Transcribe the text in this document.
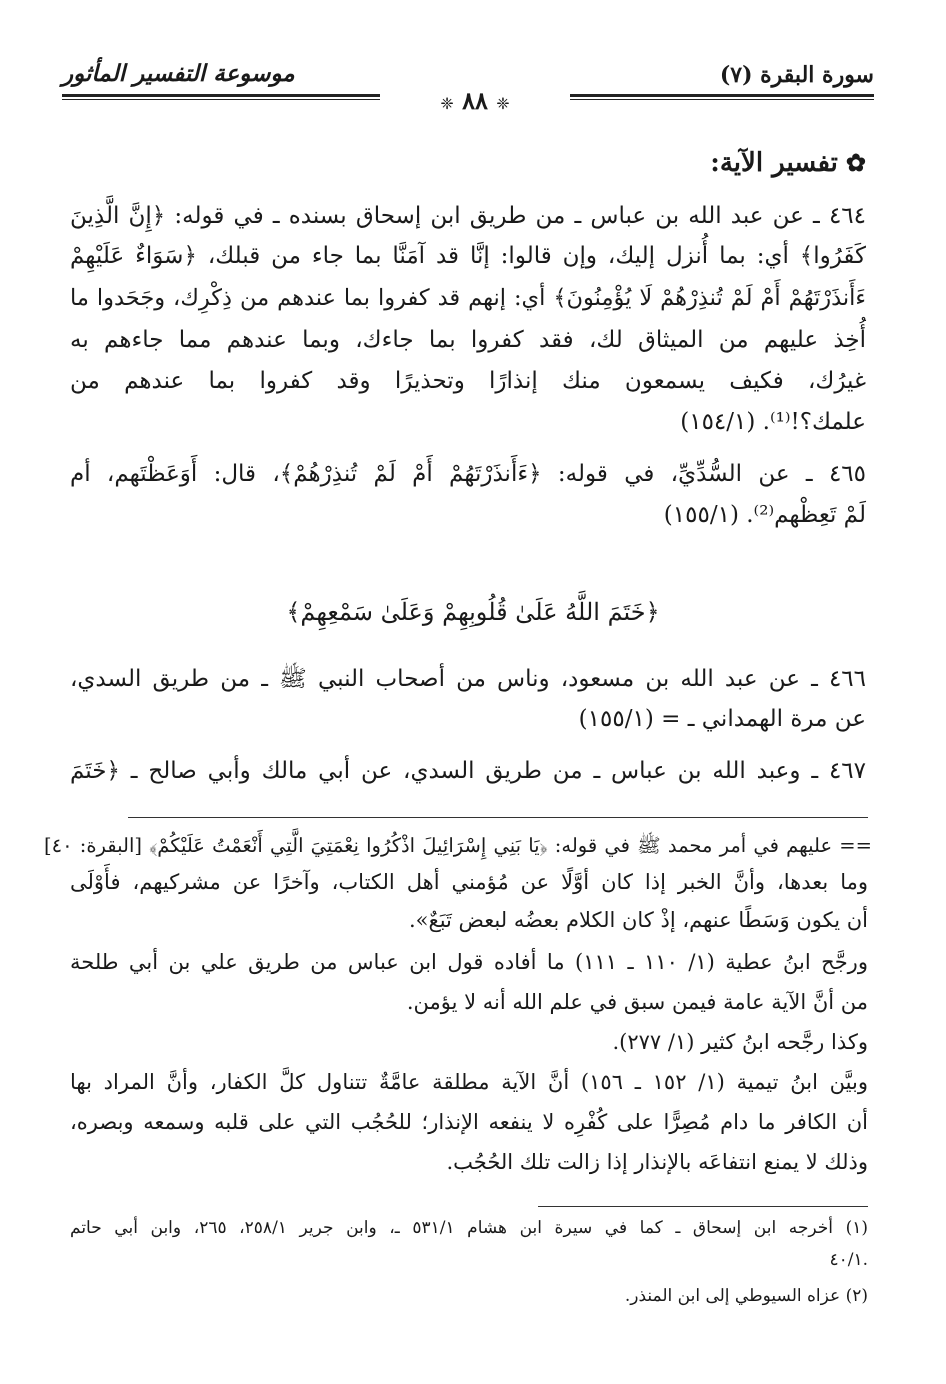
سورة البقرة (٧)
موسوعة التفسير المأثور
❈ ٨٨ ❈
✿تفسير الآية:
٤٦٤ ـ عن عبد الله بن عباس ـ من طريق ابن إسحاق بسنده ـ في قوله: ﴿إِنَّ الَّذِينَ
كَفَرُوا﴾ أي: بما أُنزل إليك، وإن قالوا: إنَّا قد آمَنَّا بما جاء من قبلك، ﴿سَوَاءٌ عَلَيْهِمْ
ءَأَنذَرْتَهُمْ أَمْ لَمْ تُنذِرْهُمْ لَا يُؤْمِنُونَ﴾ أي: إنهم قد كفروا بما عندهم من ذِكْرِك، وجَحَدوا ما
أُخِذ عليهم من الميثاق لك، فقد كفروا بما جاءك، وبما عندهم مما جاءهم به
غيرُك، فكيف يسمعون منك إنذارًا وتحذيرًا وقد كفروا بما عندهم من
علمك؟!⁽¹⁾. (١٥٤/١)
٤٦٥ ـ عن السُّدِّيِّ، في قوله: ﴿ءَأَنذَرْتَهُمْ أَمْ لَمْ تُنذِرْهُمْ﴾، قال: أَوَعَظْتَهم، أم
لَمْ تَعِظْهم⁽²⁾. (١٥٥/١)
﴿خَتَمَ اللَّهُ عَلَىٰ قُلُوبِهِمْ وَعَلَىٰ سَمْعِهِمْ﴾
٤٦٦ ـ عن عبد الله بن مسعود، وناس من أصحاب النبي ﷺ ـ من طريق السدي،
عن مرة الهمداني ـ = (١٥٥/١)
٤٦٧ ـ وعبد الله بن عباس ـ من طريق السدي، عن أبي مالك وأبي صالح ـ ﴿خَتَمَ
== عليهم في أمر محمد ﷺ في قوله: ﴿يَا بَنِي إِسْرَائِيلَ اذْكُرُوا نِعْمَتِيَ الَّتِي أَنْعَمْتُ عَلَيْكُمْ﴾ [البقرة: ٤٠]
وما بعدها، وأنَّ الخبر إذا كان أوَّلًا عن مُؤمني أهل الكتاب، وآخرًا عن مشركيهم، فأَوْلَى
أن يكون وَسَطًا عنهم، إذْ كان الكلام بعضُه لبعض تَبَعٌ».
ورجَّح ابنُ عطية (١/ ١١٠ ـ ١١١) ما أفاده قول ابن عباس من طريق علي بن أبي طلحة
من أنَّ الآية عامة فيمن سبق في علم الله أنه لا يؤمن.
وكذا رجَّحه ابنُ كثير (١/ ٢٧٧).
وبيَّن ابنُ تيمية (١/ ١٥٢ ـ ١٥٦) أنَّ الآية مطلقة عامَّةٌ تتناول كلَّ الكفار، وأنَّ المراد بها
أن الكافر ما دام مُصِرًّا على كُفْرِه لا ينفعه الإنذار؛ للحُجُب التي على قلبه وسمعه وبصره،
وذلك لا يمنع انتفاعَه بالإنذار إذا زالت تلك الحُجُب.
(١) أخرجه ابن إسحاق ـ كما في سيرة ابن هشام ٥٣١/١ ـ، وابن جرير ٢٥٨/١، ٢٦٥، وابن أبي حاتم
.٤٠/١
(٢) عزاه السيوطي إلى ابن المنذر.
